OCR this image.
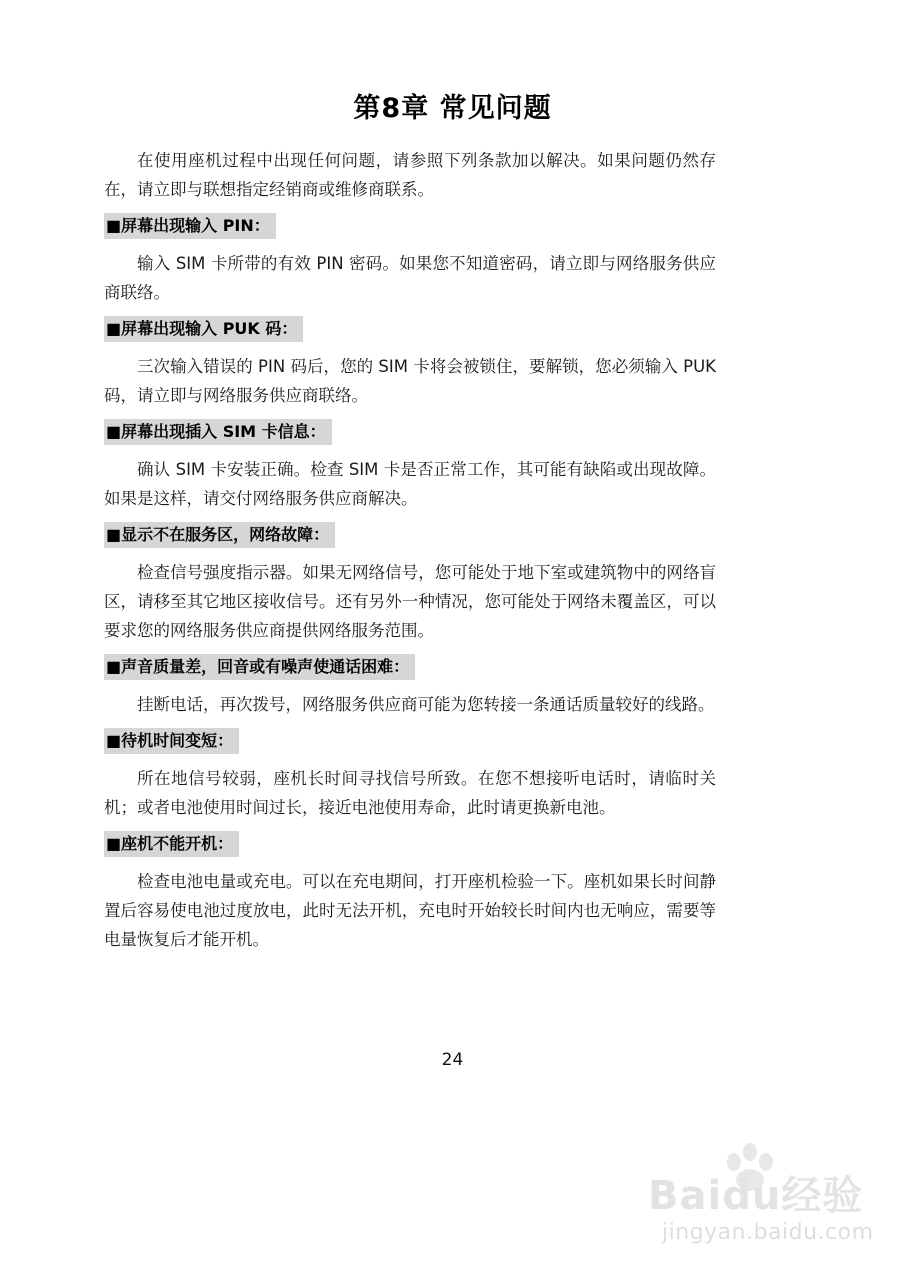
第8章 常见问题

在使用座机过程中出现任何问题，请参照下列条款加以解决。如果问题仍然存在，请立即与联想指定经销商或维修商联系。

■屏幕出现输入 PIN：

输入 SIM 卡所带的有效 PIN 密码。如果您不知道密码，请立即与网络服务供应商联络。

■屏幕出现输入 PUK 码：

三次输入错误的 PIN 码后，您的 SIM 卡将会被锁住，要解锁，您必须输入 PUK 码，请立即与网络服务供应商联络。

■屏幕出现插入 SIM 卡信息：

确认 SIM 卡安装正确。检查 SIM 卡是否正常工作，其可能有缺陷或出现故障。如果是这样，请交付网络服务供应商解决。

■显示不在服务区，网络故障：

检查信号强度指示器。如果无网络信号，您可能处于地下室或建筑物中的网络盲区，请移至其它地区接收信号。还有另外一种情况，您可能处于网络未覆盖区，可以要求您的网络服务供应商提供网络服务范围。

■声音质量差，回音或有噪声使通话困难：

挂断电话，再次拨号，网络服务供应商可能为您转接一条通话质量较好的线路。

■待机时间变短：

所在地信号较弱，座机长时间寻找信号所致。在您不想接听电话时，请临时关机；或者电池使用时间过长，接近电池使用寿命，此时请更换新电池。

■座机不能开机：

检查电池电量或充电。可以在充电期间，打开座机检验一下。座机如果长时间静置后容易使电池过度放电，此时无法开机，充电时开始较长时间内也无响应，需要等电量恢复后才能开机。

24
Baidu经验
jingyan.baidu.com
